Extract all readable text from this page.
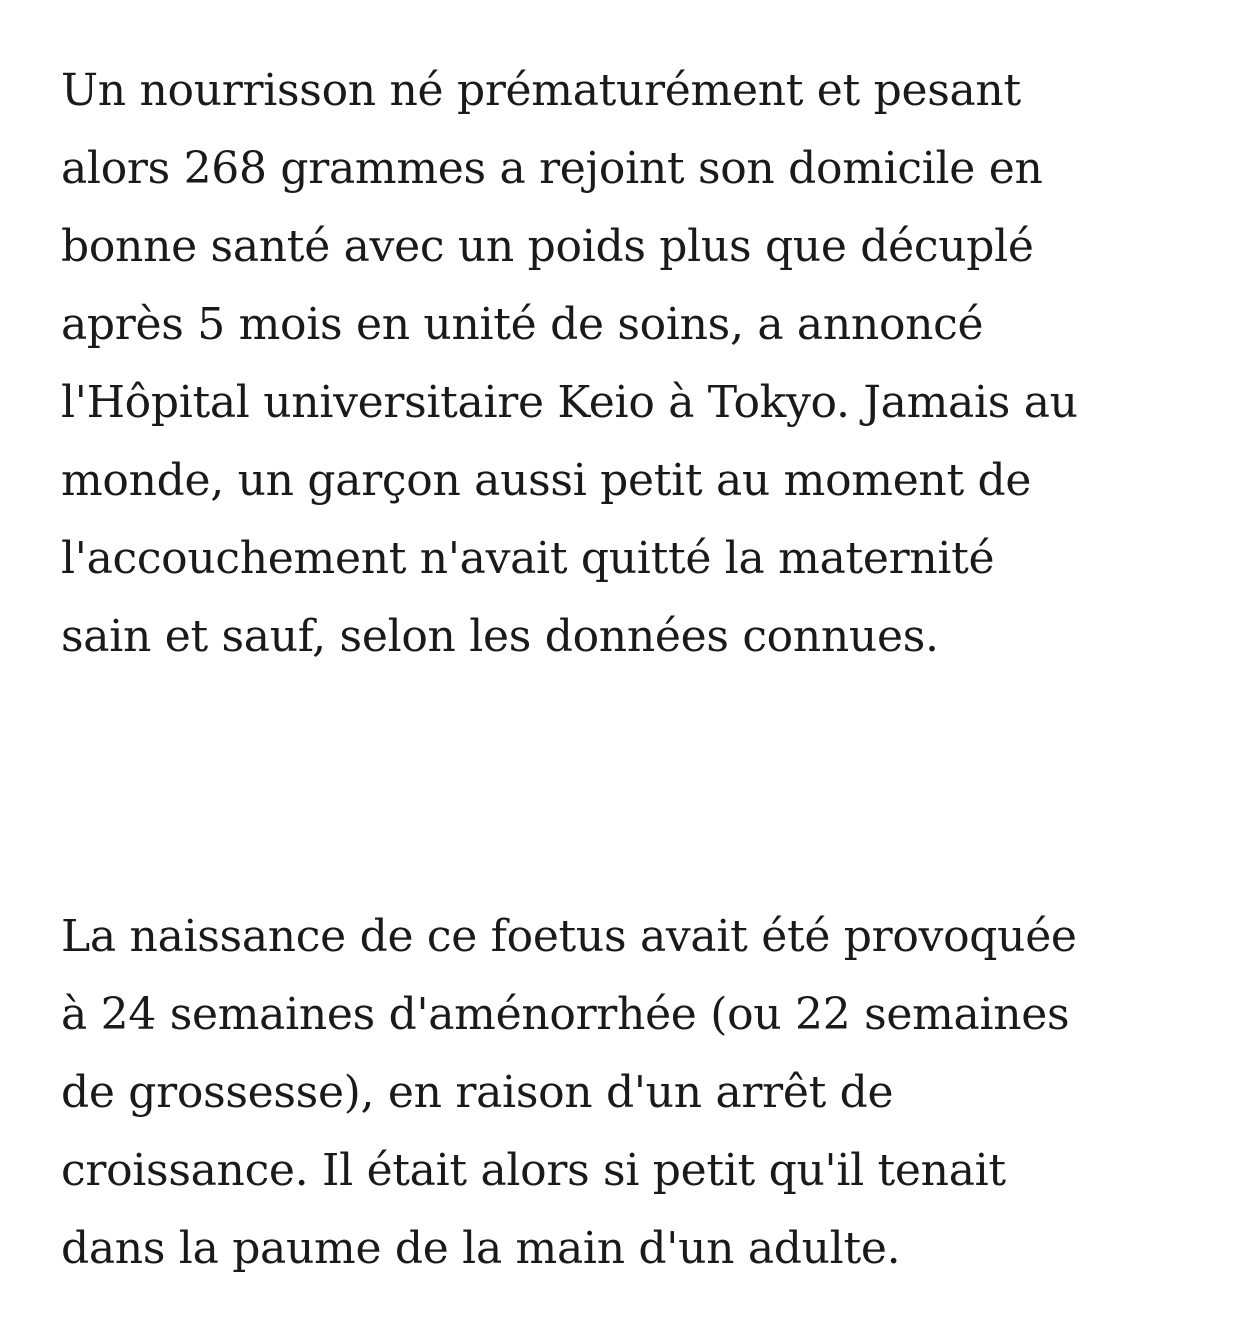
Un nourrisson né prématurément et pesant
alors 268 grammes a rejoint son domicile en
bonne santé avec un poids plus que décuplé
après 5 mois en unité de soins, a annoncé
l'Hôpital universitaire Keio à Tokyo. Jamais au
monde, un garçon aussi petit au moment de
l'accouchement n'avait quitté la maternité
sain et sauf, selon les données connues.

La naissance de ce foetus avait été provoquée
à 24 semaines d'aménorrhée (ou 22 semaines
de grossesse), en raison d'un arrêt de
croissance. Il était alors si petit qu'il tenait
dans la paume de la main d'un adulte.
